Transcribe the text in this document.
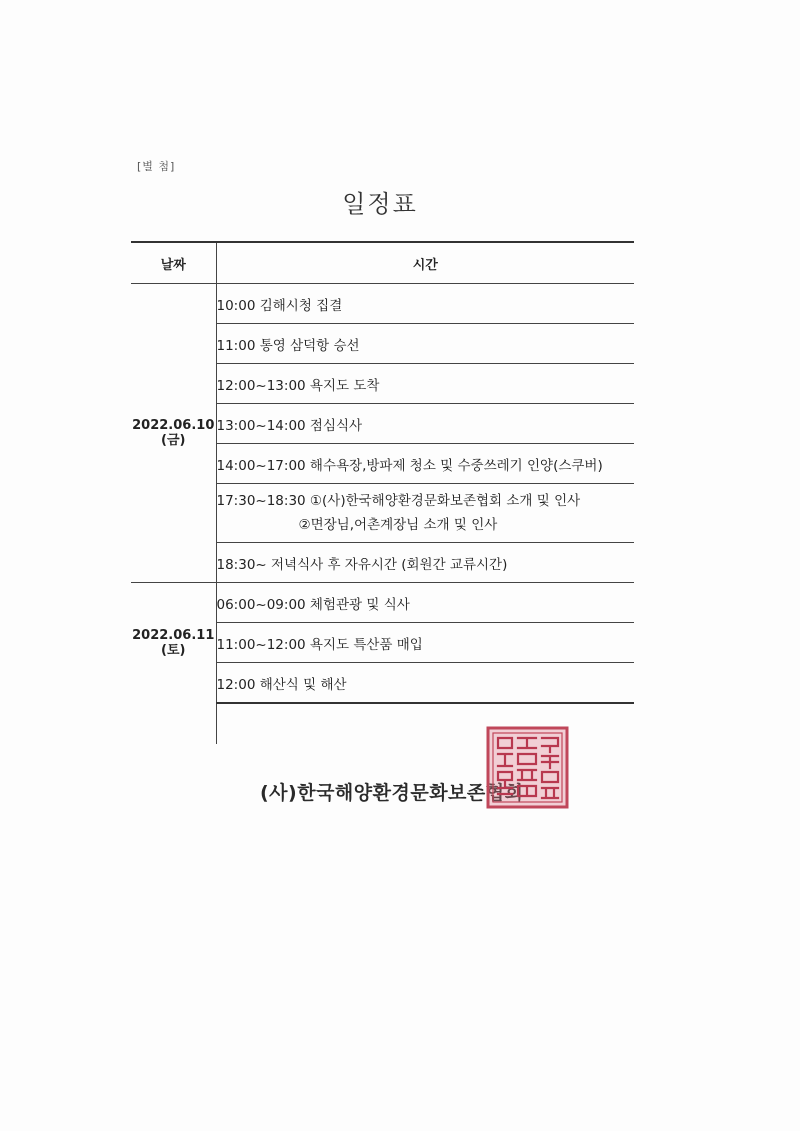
[별 첨]
일정표
날짜	시간

2022.06.10
(금)	10:00 김해시청 집결
	11:00 통영 삼덕항 승선
	12:00~13:00 욕지도 도착
	13:00~14:00 점심식사
	14:00~17:00 해수욕장,방파제 청소 및 수중쓰레기 인양(스쿠버)

	17:30~18:30 ①(사)한국해양환경문화보존협회 소개 및 인사
②면장님,어촌계장님 소개 및 인사

	18:30~ 저녁식사 후 자유시간 (회원간 교류시간)

2022.06.11
(토)	06:00~09:00 체험관광 및 식사
	11:00~12:00 욕지도 특산품 매입
	12:00 해산식 및 해산
(사)한국해양환경문화보존협회
